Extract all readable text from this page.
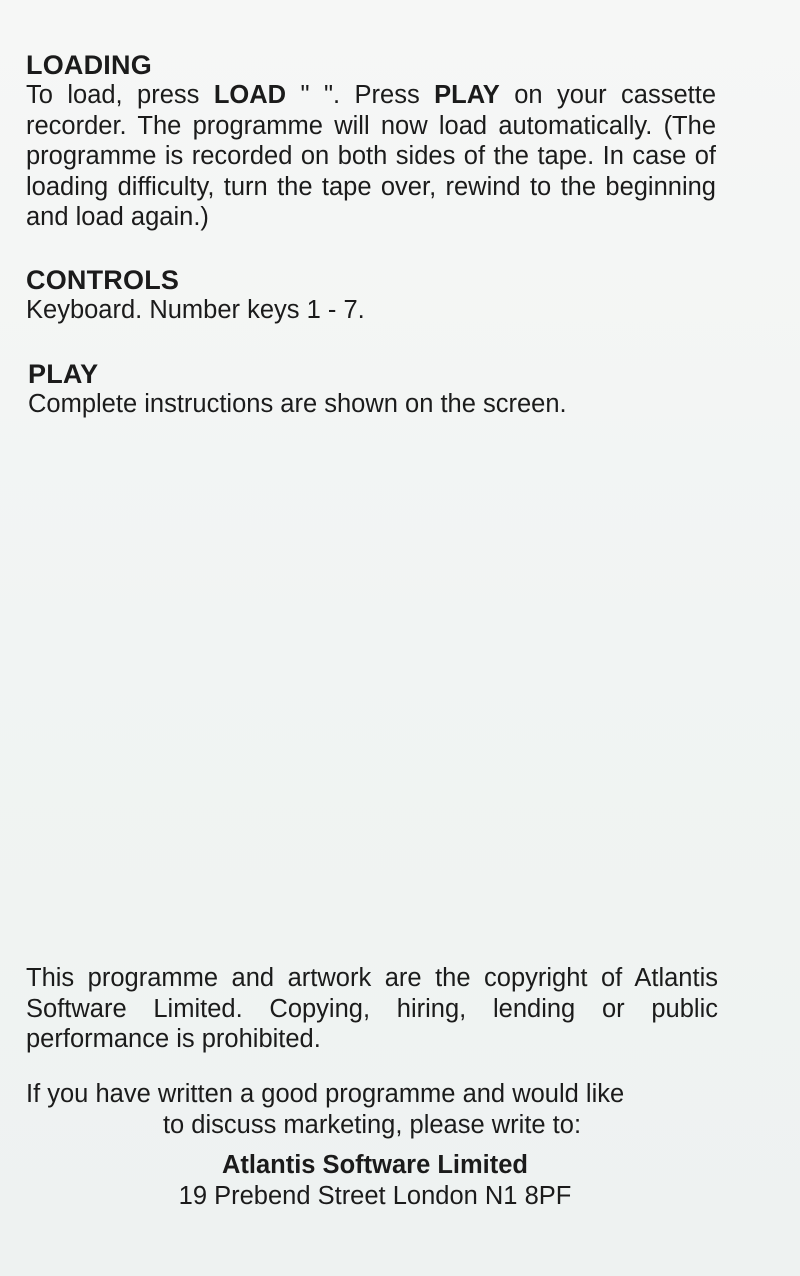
LOADING
To load, press LOAD " ". Press PLAY on your cassette recorder. The programme will now load automatically. (The programme is recorded on both sides of the tape. In case of loading difficulty, turn the tape over, rewind to the beginning and load again.)
CONTROLS
Keyboard. Number keys 1 - 7.
PLAY
Complete instructions are shown on the screen.
This programme and artwork are the copyright of Atlantis Software Limited. Copying, hiring, lending or public performance is prohibited.
If you have written a good programme and would like
to discuss marketing, please write to:
Atlantis Software Limited
19 Prebend Street London N1 8PF
